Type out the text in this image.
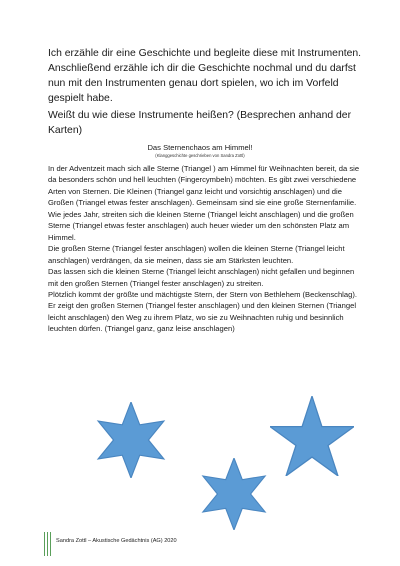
Ich erzähle dir eine Geschichte und begleite diese mit Instrumenten. Anschließend erzähle ich dir die Geschichte nochmal und du darfst nun mit den Instrumenten genau dort spielen, wo ich im Vorfeld gespielt habe.

Weißt du wie diese Instrumente heißen? (Besprechen anhand der Karten)

Das Sternenchaos am Himmel!

(Klanggeschichte geschrieben von Sandra Zottl)

In der Adventzeit mach sich alle Sterne (Triangel ) am Himmel für Weihnachten bereit, da sie da besonders schön und hell leuchten (Fingercymbeln) möchten. Es gibt zwei verschiedene Arten von Sternen. Die Kleinen (Triangel ganz leicht und vorsichtig anschlagen) und die Großen (Triangel etwas fester anschlagen). Gemeinsam sind sie eine große Sternenfamilie.
Wie jedes Jahr, streiten sich die kleinen Sterne (Triangel leicht anschlagen) und die großen Sterne (Triangel etwas fester anschlagen) auch heuer wieder um den schönsten Platz am Himmel.
Die großen Sterne (Triangel fester anschlagen) wollen die kleinen Sterne (Triangel leicht anschlagen) verdrängen, da sie meinen, dass sie am Stärksten leuchten.
Das lassen sich die kleinen Sterne (Triangel leicht anschlagen) nicht gefallen und beginnen mit den großen Sternen (Triangel fester anschlagen) zu streiten.
Plötzlich kommt der größte und mächtigste Stern, der Stern von Bethlehem (Beckenschlag).
Er zeigt den großen Sternen (Triangel fester anschlagen) und den kleinen Sternen (Triangel leicht anschlagen) den Weg zu ihrem Platz, wo sie zu Weihnachten ruhig und besinnlich leuchten dürfen. (Triangel ganz, ganz leise anschlagen)
Sandra Zottl – Akustische Gedächtnis (AG) 2020
